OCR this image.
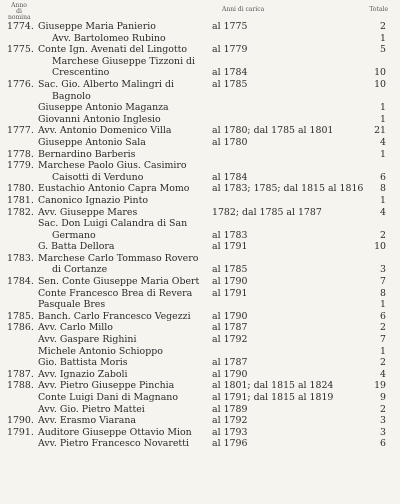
Anno di nomina
Anni di carica	Totale
1774. Giuseppe Maria Panierio	al 1775	2
Avv. Bartolomeo Rubino	1
1775. Conte Ign. Avenati del Lingotto	al 1779	5
Marchese Giuseppe Tizzoni di
Crescentino	al 1784	10
1776. Sac. Gio. Alberto Malingri di	al 1785	10
Bagnolo
Giuseppe Antonio Maganza	1
Giovanni Antonio Inglesio	1
1777. Avv. Antonio Domenico Villa	al 1780; dal 1785 al 1801	21
Giuseppe Antonio Sala	al 1780	4
1778. Bernardino Barberis	1
1779. Marchese Paolo Gius. Casimiro
Caisotti di Verduno	al 1784	6
1780. Eustachio Antonio Capra Momo al 1783; 1785; dal 1815 al 1816 8
1781. Canonico Ignazio Pinto	1
1782. Avv. Giuseppe Mares	1782; dal 1785 al 1787	4
Sac. Don Luigi Calandra di San
Germano	al 1783	2
G. Batta Dellora	al 1791	10
1783. Marchese Carlo Tommaso Rovero
di Cortanze	al 1785	3
1784. Sen. Conte Giuseppe Maria Obert al 1790	7
Conte Francesco Brea di Revera al 1791	8
Pasquale Bres	1
1785. Banch. Carlo Francesco Vegezzi al 1790	6
1786. Avv. Carlo Millo	al 1787	2
Avv. Gaspare Righini	al 1792	7
Michele Antonio Schioppo	1
Gio. Battista Moris	al 1787	2
1787. Avv. Ignazio Zaboli	al 1790	4
1788. Avv. Pietro Giuseppe Pinchia	al 1801; dal 1815 al 1824	19
Conte Luigi Dani di Magnano	al 1791; dal 1815 al 1819	9
Avv. Gio. Pietro Mattei	al 1789	2
1790. Avv. Erasmo Viarana	al 1792	3
1791. Auditore Giuseppe Ottavio Mion al 1793	3
Avv. Pietro Francesco Novaretti al 1796	6
